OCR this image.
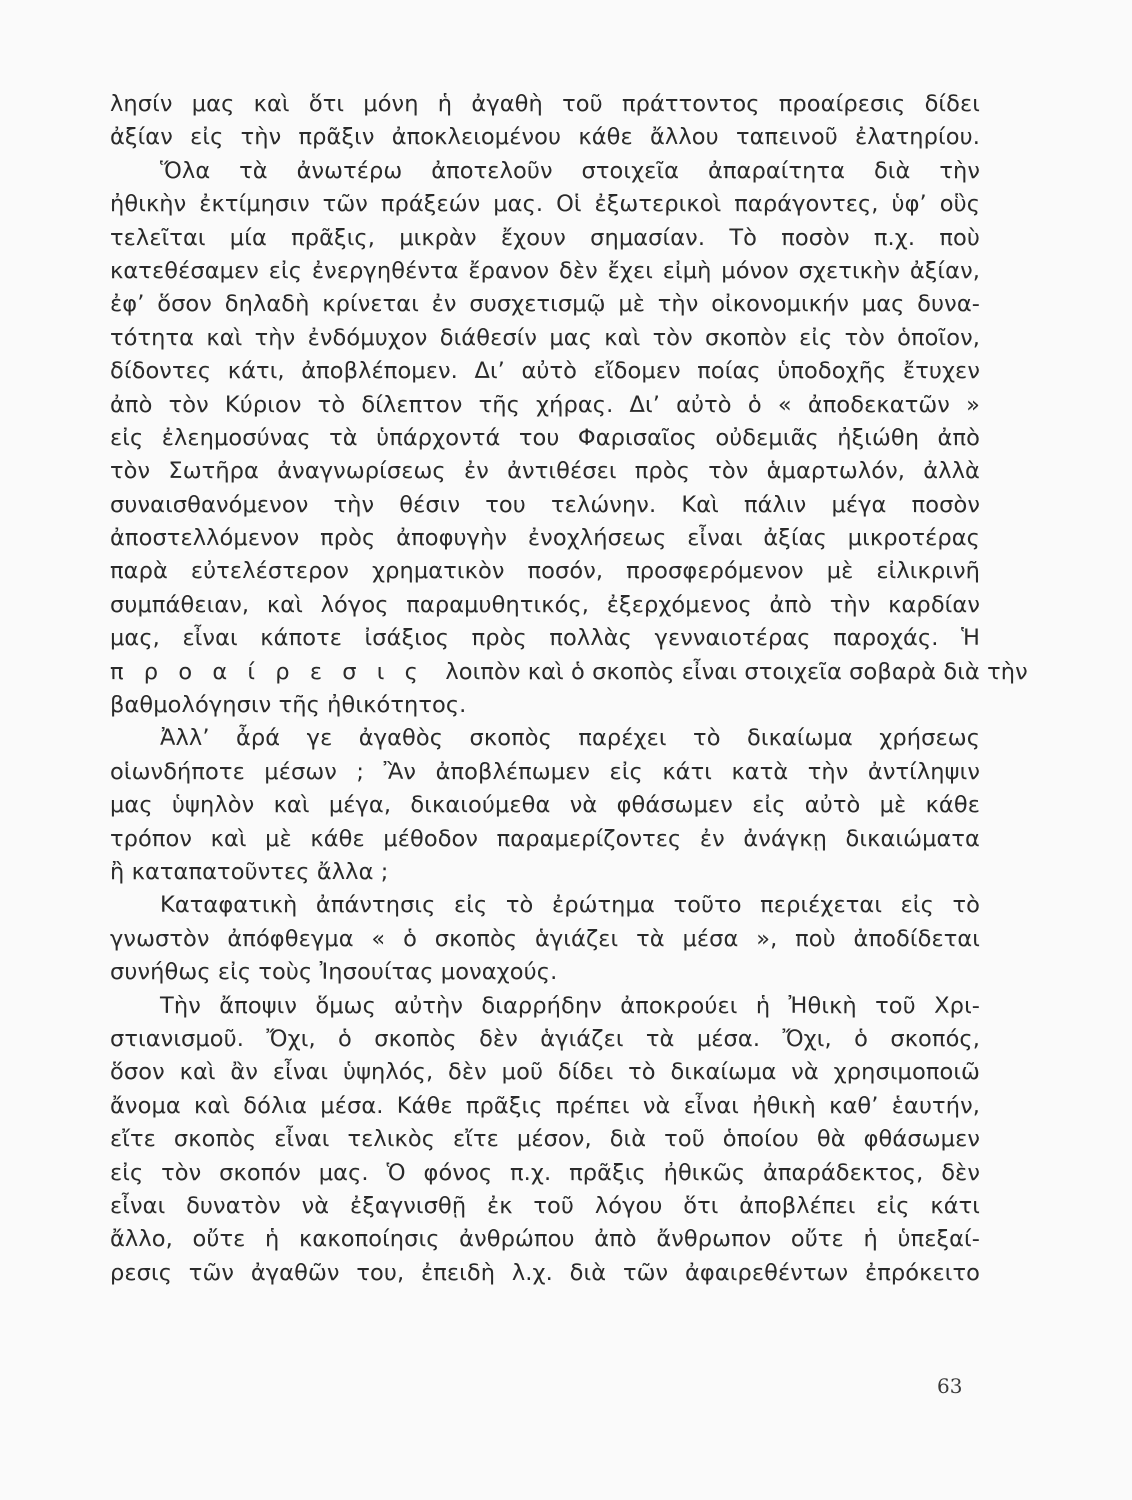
λησίν μας καὶ ὅτι μόνη ἡ ἀγαθὴ τοῦ πράττοντος προαίρεσις δίδει
ἀξίαν εἰς τὴν πρᾶξιν ἀποκλειομένου κάθε ἄλλου ταπεινοῦ ἐλατηρίου.
Ὅλα τὰ ἀνωτέρω ἀποτελοῦν στοιχεῖα ἀπαραίτητα διὰ τὴν
ἠθικὴν ἐκτίμησιν τῶν πράξεών μας. Οἱ ἐξωτερικοὶ παράγοντες, ὑφ’ οὓς
τελεῖται μία πρᾶξις, μικρὰν ἔχουν σημασίαν. Τὸ ποσὸν π.χ. ποὺ
κατεθέσαμεν εἰς ἐνεργηθέντα ἔρανον δὲν ἔχει εἰμὴ μόνον σχετικὴν ἀξίαν,
ἐφ’ ὅσον δηλαδὴ κρίνεται ἐν συσχετισμῷ μὲ τὴν οἰκονομικήν μας δυνα-
τότητα καὶ τὴν ἐνδόμυχον διάθεσίν μας καὶ τὸν σκοπὸν εἰς τὸν ὁποῖον,
δίδοντες κάτι, ἀποβλέπομεν. Δι’ αὐτὸ εἴδομεν ποίας ὑποδοχῆς ἔτυχεν
ἀπὸ τὸν Κύριον τὸ δίλεπτον τῆς χήρας. Δι’ αὐτὸ ὁ « ἀποδεκατῶν »
εἰς ἐλεημοσύνας τὰ ὑπάρχοντά του Φαρισαῖος οὐδεμιᾶς ἠξιώθη ἀπὸ
τὸν Σωτῆρα ἀναγνωρίσεως ἐν ἀντιθέσει πρὸς τὸν ἁμαρτωλόν, ἀλλὰ
συναισθανόμενον τὴν θέσιν του τελώνην. Καὶ πάλιν μέγα ποσὸν
ἀποστελλόμενον πρὸς ἀποφυγὴν ἐνοχλήσεως εἶναι ἀξίας μικροτέρας
παρὰ εὐτελέστερον χρηματικὸν ποσόν, προσφερόμενον μὲ εἰλικρινῆ
συμπάθειαν, καὶ λόγος παραμυθητικός, ἐξερχόμενος ἀπὸ τὴν καρδίαν
μας, εἶναι κάποτε ἰσάξιος πρὸς πολλὰς γενναιοτέρας παροχάς. Ἡ
προαίρεσις λοιπὸν καὶ ὁ σκοπὸς εἶναι στοιχεῖα σοβαρὰ διὰ τὴν
βαθμολόγησιν τῆς ἠθικότητος.
Ἀλλ’ ἆρά γε ἀγαθὸς σκοπὸς παρέχει τὸ δικαίωμα χρήσεως
οἱωνδήποτε μέσων ; Ἂν ἀποβλέπωμεν εἰς κάτι κατὰ τὴν ἀντίληψιν
μας ὑψηλὸν καὶ μέγα, δικαιούμεθα νὰ φθάσωμεν εἰς αὐτὸ μὲ κάθε
τρόπον καὶ μὲ κάθε μέθοδον παραμερίζοντες ἐν ἀνάγκῃ δικαιώματα
ἢ καταπατοῦντες ἄλλα ;
Καταφατικὴ ἀπάντησις εἰς τὸ ἐρώτημα τοῦτο περιέχεται εἰς τὸ
γνωστὸν ἀπόφθεγμα « ὁ σκοπὸς ἁγιάζει τὰ μέσα », ποὺ ἀποδίδεται
συνήθως εἰς τοὺς Ἰησουίτας μοναχούς.
Τὴν ἄποψιν ὅμως αὐτὴν διαρρήδην ἀποκρούει ἡ Ἠθικὴ τοῦ Χρι-
στιανισμοῦ. Ὄχι, ὁ σκοπὸς δὲν ἁγιάζει τὰ μέσα. Ὄχι, ὁ σκοπός,
ὅσον καὶ ἂν εἶναι ὑψηλός, δὲν μοῦ δίδει τὸ δικαίωμα νὰ χρησιμοποιῶ
ἄνομα καὶ δόλια μέσα. Κάθε πρᾶξις πρέπει νὰ εἶναι ἠθικὴ καθ’ ἑαυτήν,
εἴτε σκοπὸς εἶναι τελικὸς εἴτε μέσον, διὰ τοῦ ὁποίου θὰ φθάσωμεν
εἰς τὸν σκοπόν μας. Ὁ φόνος π.χ. πρᾶξις ἠθικῶς ἀπαράδεκτος, δὲν
εἶναι δυνατὸν νὰ ἐξαγνισθῇ ἐκ τοῦ λόγου ὅτι ἀποβλέπει εἰς κάτι
ἄλλο, οὔτε ἡ κακοποίησις ἀνθρώπου ἀπὸ ἄνθρωπον οὔτε ἡ ὑπεξαί-
ρεσις τῶν ἀγαθῶν του, ἐπειδὴ λ.χ. διὰ τῶν ἀφαιρεθέντων ἐπρόκειτο
63
